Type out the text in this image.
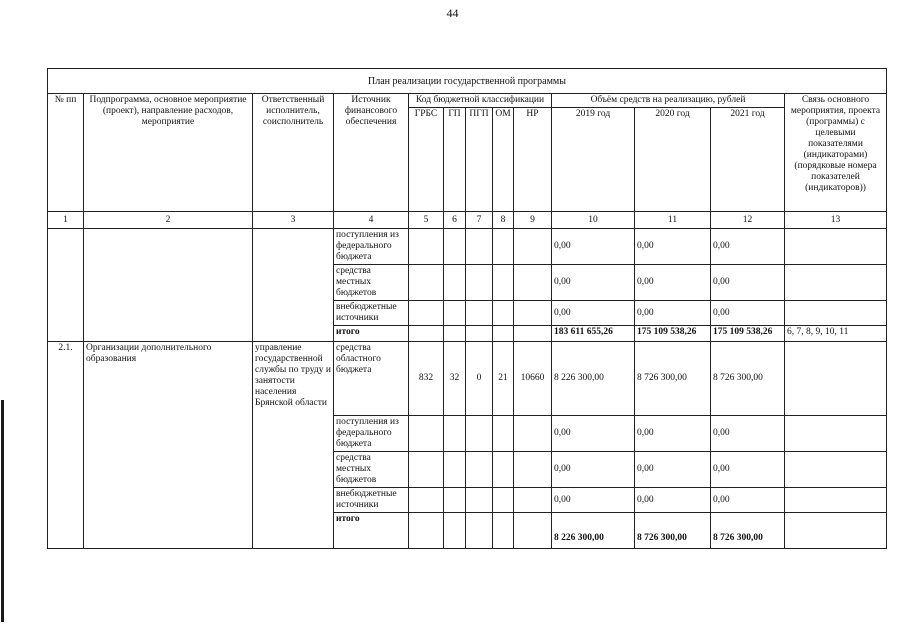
44
План реализации государственной программы												
№ пп	Подпрограмма, основное мероприятие (проект), направление расходов, мероприятие	Ответственный исполнитель, соисполнитель	Источник финансового обеспечения	Код бюджетной классификации					Объём средств на реализацию, рублей			Связь основного мероприятия, проекта (программы) с целевыми показателями (индикаторами) (порядковые номера показателей (индикаторов))
				ГРБС	ГП	ПГП	ОМ	НР	2019 год	2020 год	2021 год	
1	2	3	4	5	6	7	8	9	10	11	12	13
			поступления из федерального бюджета						0,00	0,00	0,00	
			средства местных бюджетов						0,00	0,00	0,00	
			внебюджетные источники						0,00	0,00	0,00	
			итого						183 611 655,26	175 109 538,26	175 109 538,26	6, 7, 8, 9, 10, 11
2.1.	Организации дополнительного образования	управление государственной службы по труду и занятости населения Брянской области	средства областного бюджета	832	32	0	21	10660	8 226 300,00	8 726 300,00	8 726 300,00	
			поступления из федерального бюджета						0,00	0,00	0,00	
			средства местных бюджетов						0,00	0,00	0,00	
			внебюджетные источники						0,00	0,00	0,00	
			итого						8 226 300,00	8 726 300,00	8 726 300,00	
